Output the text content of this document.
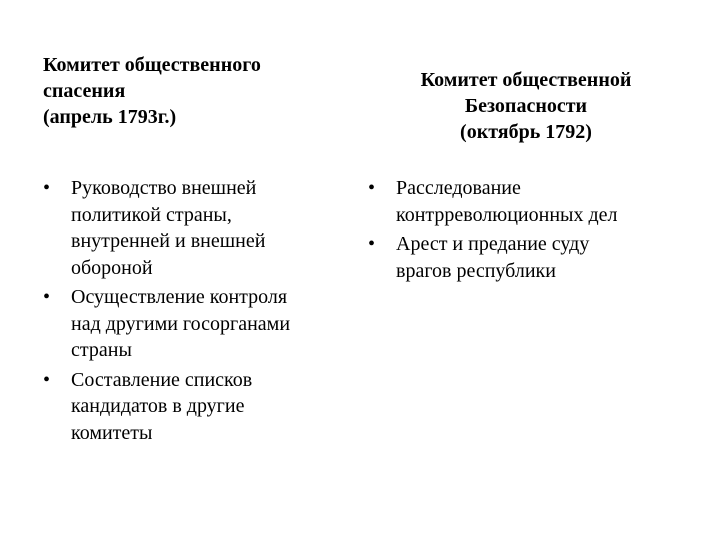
Комитет общественного
спасения
(апрель 1793г.)

• Руководство внешней
политикой страны,
внутренней и внешней
обороной
• Осуществление контроля
над другими госорганами
страны
• Составление списков
кандидатов в другие
комитеты

Комитет общественной
Безопасности
(октябрь 1792)

• Расследование
контрреволюционных дел
• Арест и предание суду
врагов республики
